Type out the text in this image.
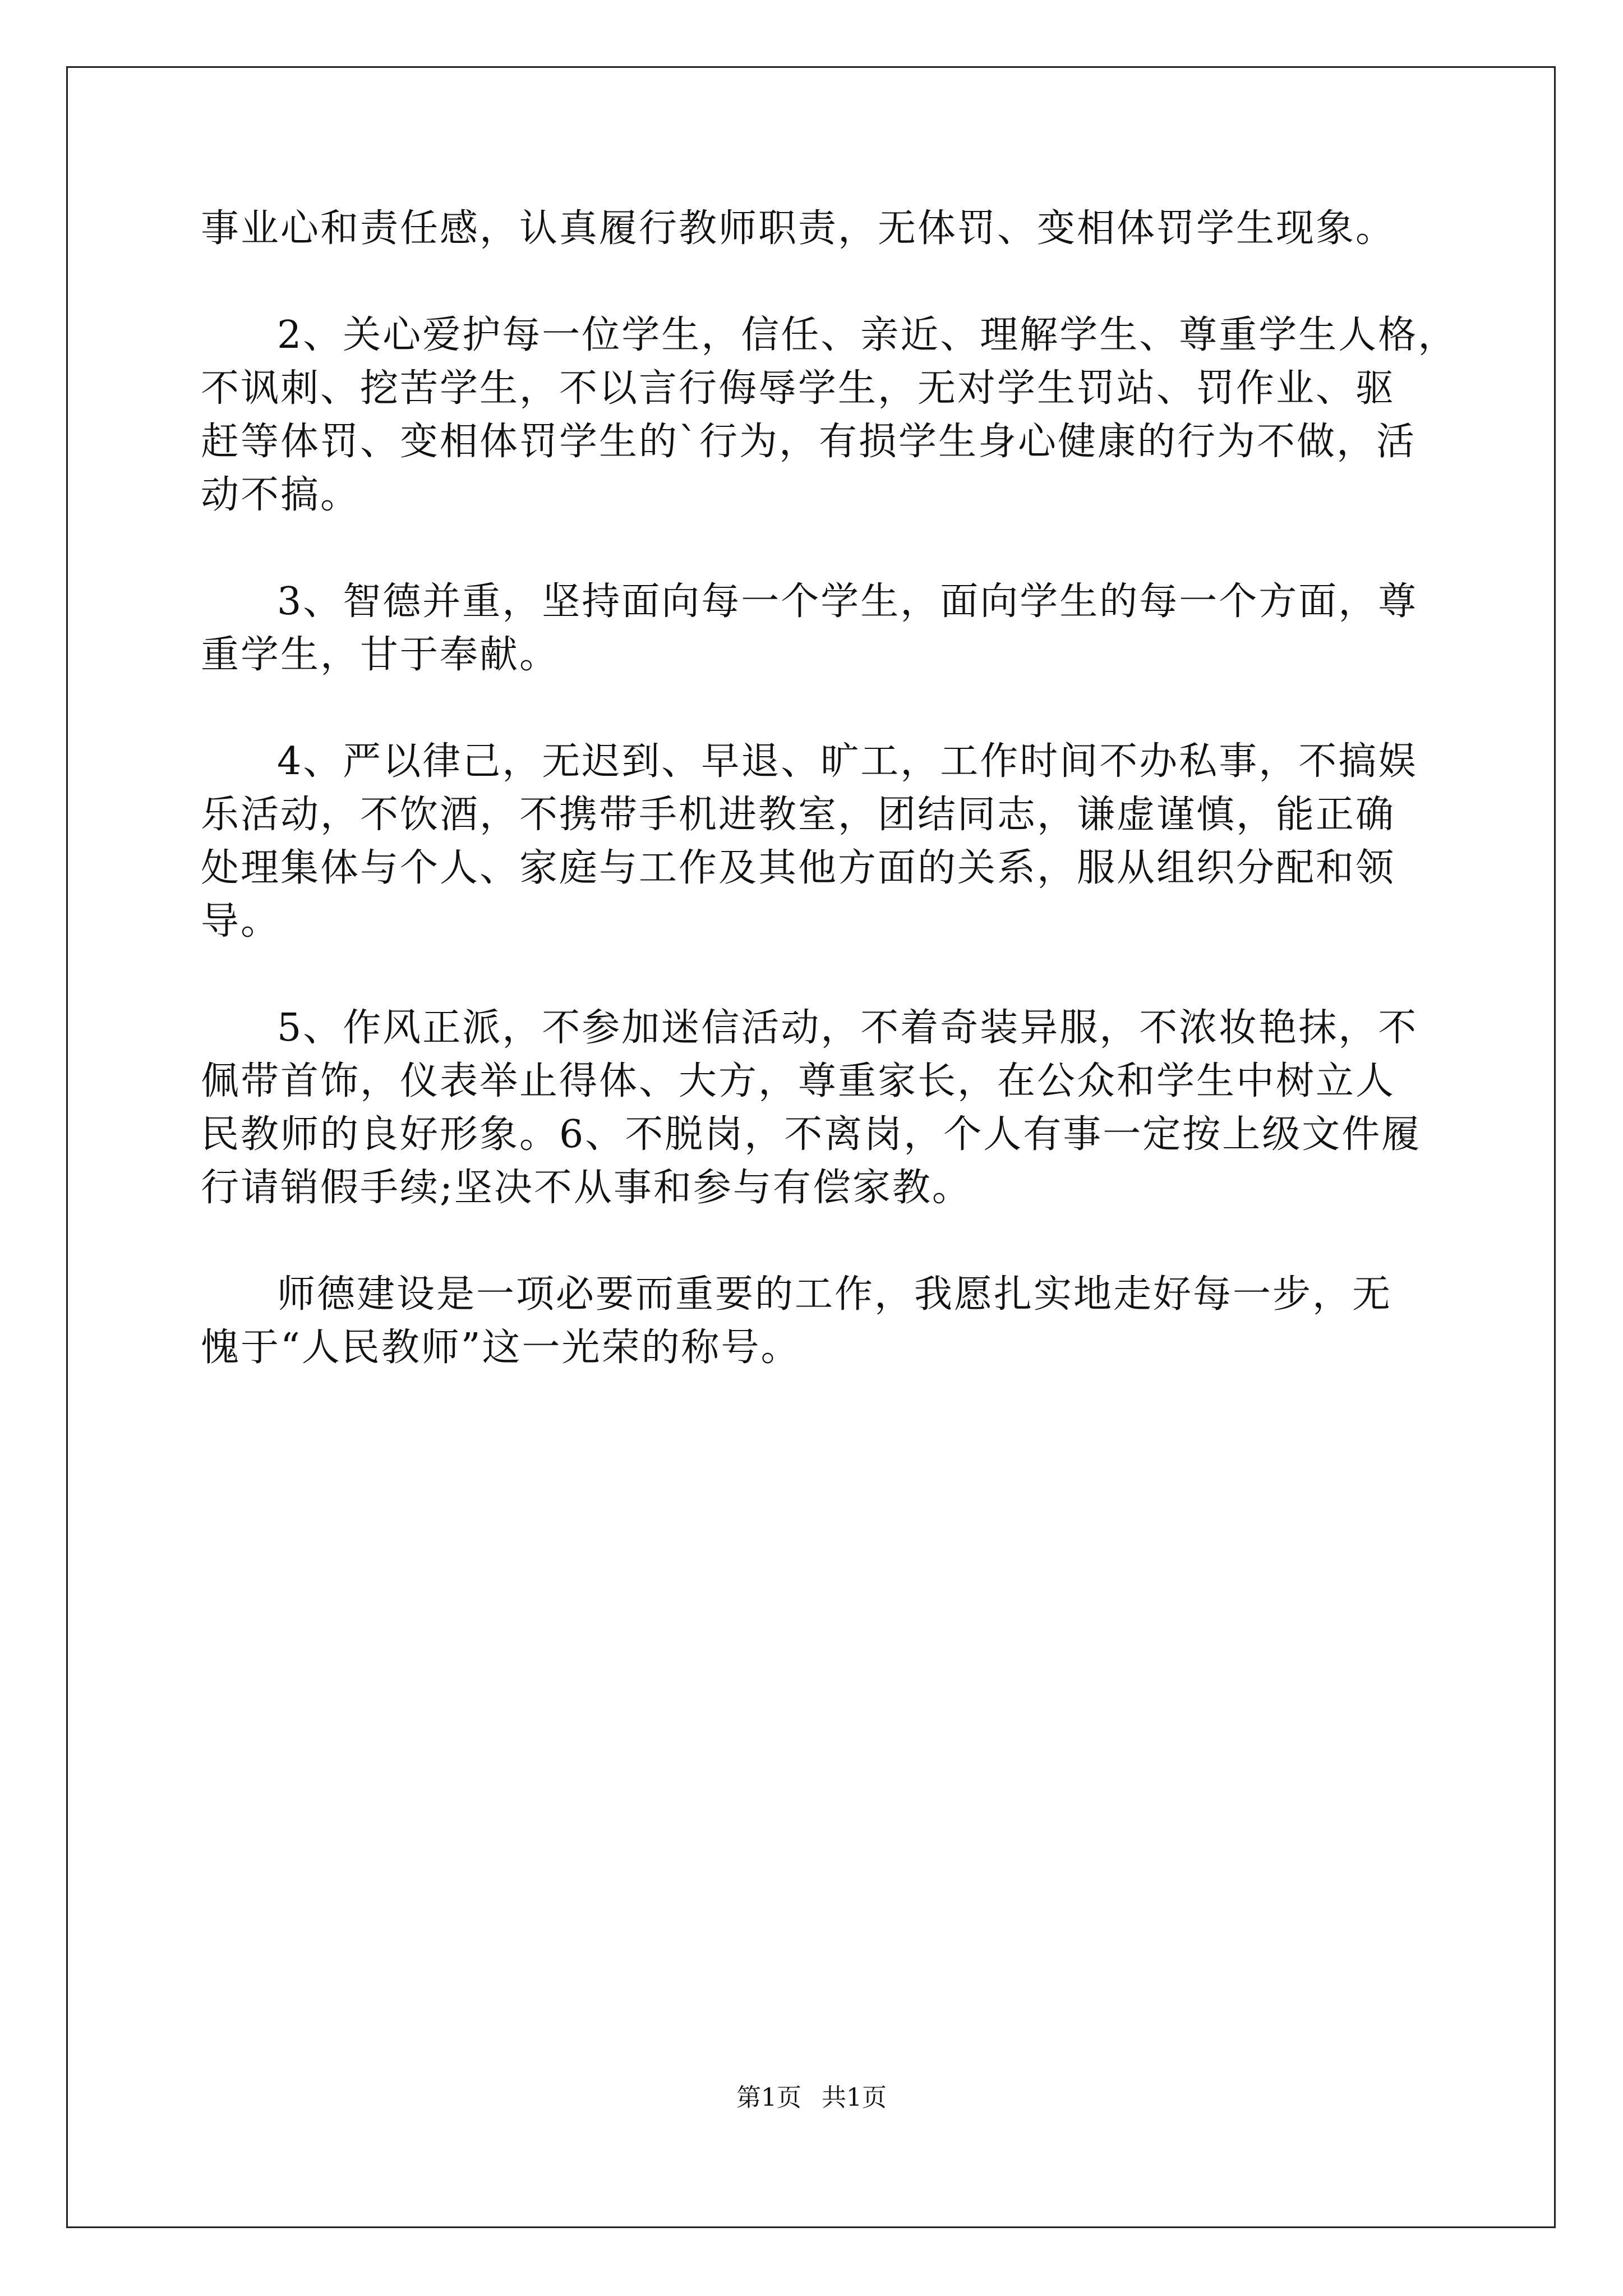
事业心和责任感，认真履行教师职责，无体罚、变相体罚学生现象。
2、关心爱护每一位学生，信任、亲近、理解学生、尊重学生人格，
不讽刺、挖苦学生，不以言行侮辱学生，无对学生罚站、罚作业、驱
赶等体罚、变相体罚学生的`行为，有损学生身心健康的行为不做，活
动不搞。
3、智德并重，坚持面向每一个学生，面向学生的每一个方面，尊
重学生，甘于奉献。
4、严以律己，无迟到、早退、旷工，工作时间不办私事，不搞娱
乐活动，不饮酒，不携带手机进教室，团结同志，谦虚谨慎，能正确
处理集体与个人、家庭与工作及其他方面的关系，服从组织分配和领
导。
5、作风正派，不参加迷信活动，不着奇装异服，不浓妆艳抹，不
佩带首饰，仪表举止得体、大方，尊重家长，在公众和学生中树立人
民教师的良好形象。6、不脱岗，不离岗，个人有事一定按上级文件履
行请销假手续;坚决不从事和参与有偿家教。
师德建设是一项必要而重要的工作，我愿扎实地走好每一步，无
愧于“人民教师”这一光荣的称号。
第1页 共1页
